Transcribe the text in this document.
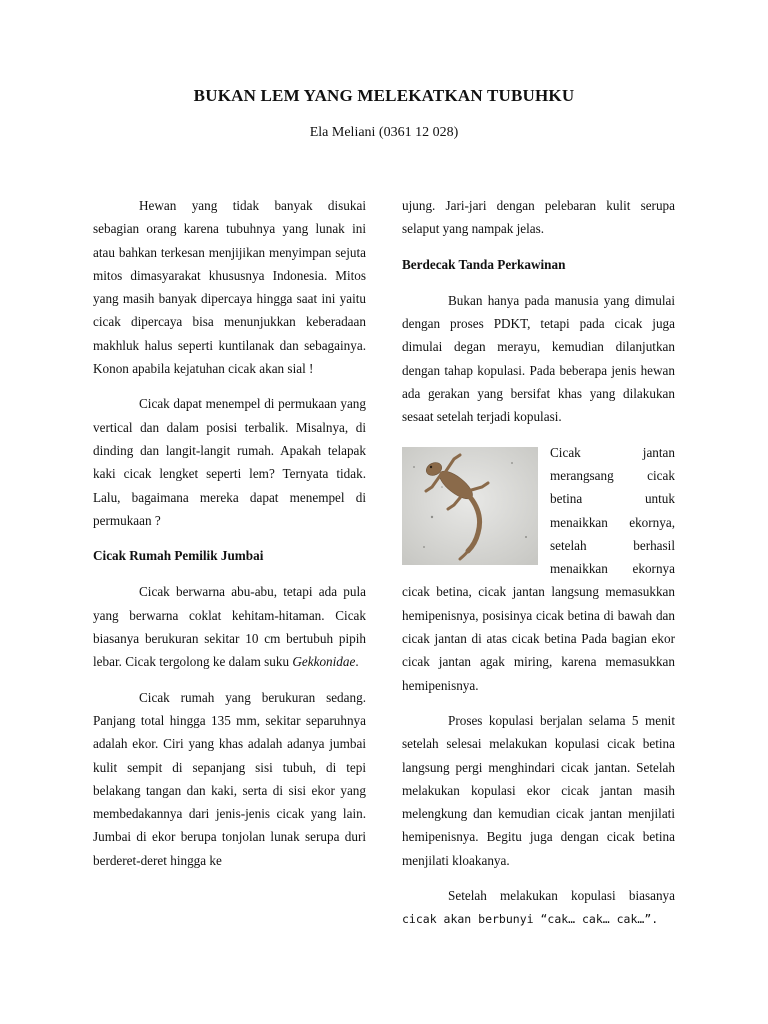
BUKAN LEM YANG MELEKATKAN TUBUHKU
Ela Meliani (0361 12 028)

Hewan yang tidak banyak disukai sebagian orang karena tubuhnya yang lunak ini atau bahkan terkesan menjijikan menyimpan sejuta mitos dimasyarakat khususnya Indonesia. Mitos yang masih banyak dipercaya hingga saat ini yaitu cicak dipercaya bisa menunjukkan keberadaan makhluk halus seperti kuntilanak dan sebagainya. Konon apabila kejatuhan cicak akan sial !

Cicak dapat menempel di permukaan yang vertical dan dalam posisi terbalik. Misalnya, di dinding dan langit-langit rumah. Apakah telapak kaki cicak lengket seperti lem? Ternyata tidak. Lalu, bagaimana mereka dapat menempel di permukaan ?

Cicak Rumah Pemilik Jumbai

Cicak berwarna abu-abu, tetapi ada pula yang berwarna coklat kehitam-hitaman. Cicak biasanya berukuran sekitar 10 cm bertubuh pipih lebar. Cicak tergolong ke dalam suku Gekkonidae.

Cicak rumah yang berukuran sedang. Panjang total hingga 135 mm, sekitar separuhnya adalah ekor. Ciri yang khas adalah adanya jumbai kulit sempit di sepanjang sisi tubuh, di tepi belakang tangan dan kaki, serta di sisi ekor yang membedakannya dari jenis-jenis cicak yang lain. Jumbai di ekor berupa tonjolan lunak serupa duri berderet-deret hingga ke

ujung. Jari-jari dengan pelebaran kulit serupa selaput yang nampak jelas.

Berdecak Tanda Perkawinan

Bukan hanya pada manusia yang dimulai dengan proses PDKT, tetapi pada cicak juga dimulai degan merayu, kemudian dilanjutkan dengan tahap kopulasi. Pada beberapa jenis hewan ada gerakan yang bersifat khas yang dilakukan sesaat setelah terjadi kopulasi.

Cicak jantan merangsang cicak betina untuk menaikkan ekornya, setelah berhasil menaikkan ekornya cicak betina, cicak jantan langsung memasukkan hemipenisnya, posisinya cicak betina di bawah dan cicak jantan di atas cicak betina Pada bagian ekor cicak jantan agak miring, karena memasukkan hemipenisnya.

Proses kopulasi berjalan selama 5 menit setelah selesai melakukan kopulasi cicak betina langsung pergi menghindari cicak jantan. Setelah melakukan kopulasi ekor cicak jantan masih melengkung dan kemudian cicak jantan menjilati hemipenisnya. Begitu juga dengan cicak betina menjilati kloakanya.

Setelah melakukan kopulasi biasanya cicak akan berbunyi “cak… cak… cak…”.
